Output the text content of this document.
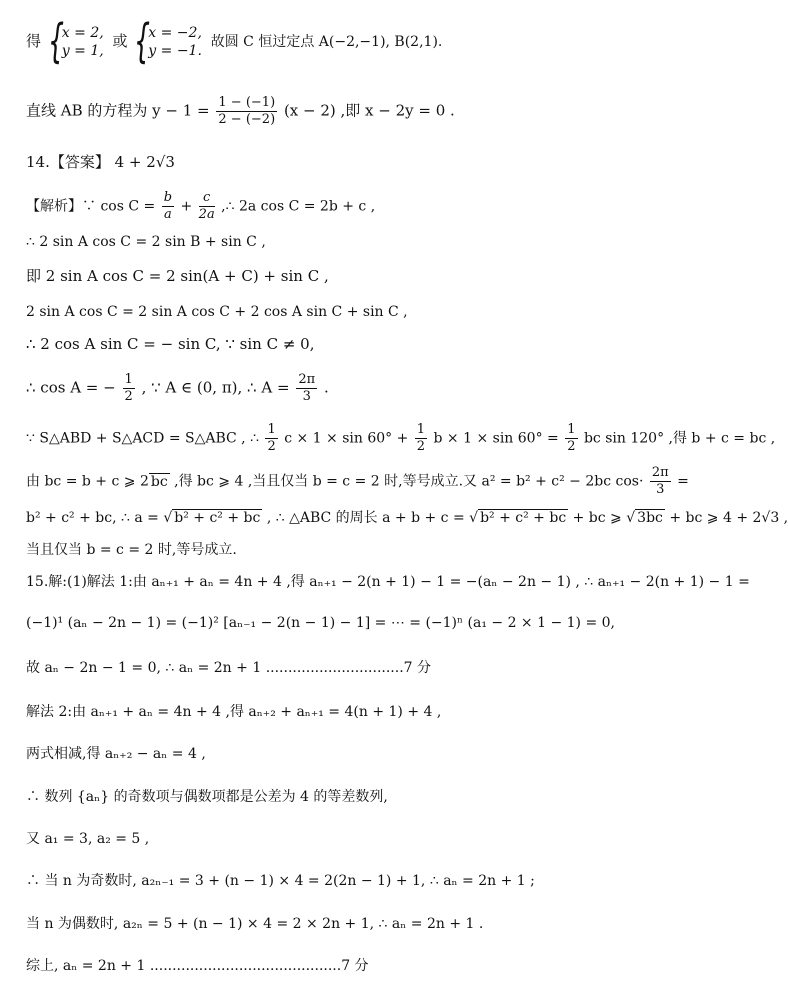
得 { x = 2,
y = 1,
或 { x = −2,
y = −1.
故圆 C 恒过定点 A(−2,−1), B(2,1).
直线 AB 的方程为 $y - 1 = \frac{1 - (-1)}{2 - (-2)} (x - 2)$ ,即 x − 2y = 0 .
14.【答案】 4 + 2√3
【解析】∵ $\cos C = \frac{b}{a} + \frac{c}{2a}$ ,∴ 2a cos C = 2b + c ,
∴ 2 sin A cos C = 2 sin B + sin C ,
即 2 sin A cos C = 2 sin(A + C) + sin C ,
2 sin A cos C = 2 sin A cos C + 2 cos A sin C + sin C ,
∴ 2 cos A sin C = − sin C, ∵ sin C ≠ 0,
∴ cos A = − $\frac{1}{2}$ , ∵ A ∈ (0, π), ∴ $A = \frac{2\pi}{3}$ .
∵ S△ABD + S△ACD = S△ABC , ∴ $\frac{1}{2}$ $c \times 1 \times \sin 60^\circ + \frac{1}{2}$ $b \times 1 \times \sin 60^\circ = \frac{1}{2}$ bc sin 120° ,得 b + c = bc ,
由 bc = b + c ⩾ 2 bc ,得 bc ⩾ 4 ,当且仅当 b = c = 2 时,等号成立.又 a² = b² + c² − 2bc $\cos\cdot \frac{2\pi}{3}$ =
b² + c² + bc, ∴ a = √ b² + c² + bc , ∴ △ABC 的周长 a + b + c = √ b² + c² + bc + bc ⩾ √ 3bc + bc ⩾ 4 + 2√3 ,
当且仅当 b = c = 2 时,等号成立.
15.解:(1)解法 1:由 aₙ₊₁ + aₙ = 4n + 4 ,得 aₙ₊₁ − 2(n + 1) − 1 = −(aₙ − 2n − 1) , ∴ aₙ₊₁ − 2(n + 1) − 1 =
(−1)¹ (aₙ − 2n − 1) = (−1)² [aₙ₋₁ − 2(n − 1) − 1] = ⋯ = (−1)ⁿ (a₁ − 2 × 1 − 1) = 0,
故 aₙ − 2n − 1 = 0, ∴ aₙ = 2n + 1 ...............................7 分
解法 2:由 aₙ₊₁ + aₙ = 4n + 4 ,得 aₙ₊₂ + aₙ₊₁ = 4(n + 1) + 4 ,
两式相减,得 aₙ₊₂ − aₙ = 4 ,
∴ 数列 {aₙ} 的奇数项与偶数项都是公差为 4 的等差数列,
又 a₁ = 3, a₂ = 5 ,
∴ 当 n 为奇数时, a₂ₙ₋₁ = 3 + (n − 1) × 4 = 2(2n − 1) + 1, ∴ aₙ = 2n + 1 ;
当 n 为偶数时, a₂ₙ = 5 + (n − 1) × 4 = 2 × 2n + 1, ∴ aₙ = 2n + 1 .
综上, aₙ = 2n + 1 ...........................................7 分
